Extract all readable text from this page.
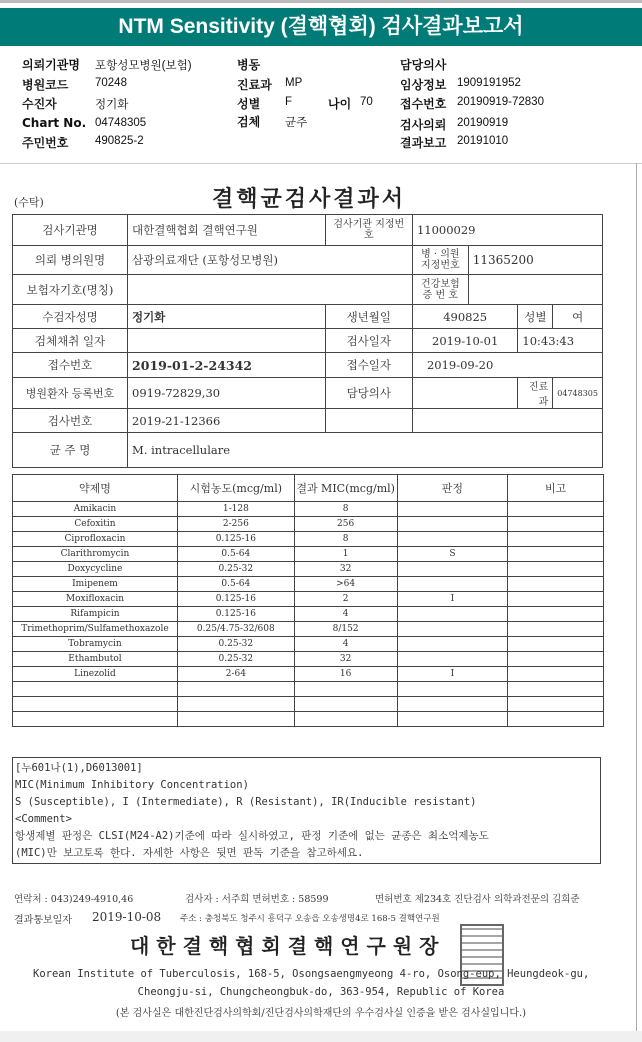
NTM Sensitivity (결핵협회) 검사결과보고서
의뢰기관명 포항성모병원(보험)
병원코드 70248
수진자	정기화
Chart No. 04748305
주민번호 490825-2
병동
진료과 MP
성별 F
검체 균주
나이 70
담당의사
임상정보 1909191952
접수번호 20190919-72830
검사의뢰 20190919
결과보고 20191010
(수탁)	결핵균검사결과서
검사기관명	대한결핵협회 결핵연구원	검사기관 지정번호	11000029			
의뢰 병의원명	삼광의료재단 (포항성모병원)		병 · 의원 지정번호	11365200		
보험자기호(명칭)			건강보험 증 번 호			
수검자성명	정기화	생년월일	490825		성별	여
검체채취 일자		검사일자	2019-10-01		10:43:43	
접수번호	2019-01-2-24342	접수일자	2019-09-20			
병원환자 등록번호	0919-72829,30	담당의사			진료과	04748305
검사번호	2019-21-12366					
균 주 명	M. intracellulare					
약제명	시험농도(mcg/ml)	결과 MIC(mcg/ml)	판정	비고
Amikacin	1-128	8		
Cefoxitin	2-256	256		
Ciprofloxacin	0.125-16	8		
Clarithromycin	0.5-64	1	S	
Doxycycline	0.25-32	32		
Imipenem	0.5-64	>64		
Moxifloxacin	0.125-16	2	I	
Rifampicin	0.125-16	4		
Trimethoprim/Sulfamethoxazole	0.25/4.75-32/608	8/152		
Tobramycin	0.25-32	4		
Ethambutol	0.25-32	32		
Linezolid	2-64	16	I	

[누601나(1),D6013001]
MIC(Minimum Inhibitory Concentration)
S (Susceptible), I (Intermediate), R (Resistant), IR(Inducible resistant)
<Comment>
항생제별 판정은 CLSI(M24-A2)기준에 따라 실시하였고, 판정 기준에 없는 균종은 최소억제농도
(MIC)만 보고토록 한다. 자세한 사항은 뒷면 판독 기준을 참고하세요.
연락처 : 043)249-4910,46	검사자 : 서주희 면허번호 : 58599	면허번호 제234호 진단검사 의학과전문의 김희준
결과통보일자 2019-10-08 주소 : 충청북도 청주시 흥덕구 오송읍 오송생명4로 168-5 결핵연구원
대 한 결 핵 협 회 결 핵 연 구 원 장
Korean Institute of Tuberculosis, 168-5, Osongsaengmyeong 4-ro, Osong-eup, Heungdeok-gu,
Cheongju-si, Chungcheongbuk-do, 363-954, Republic of Korea
(본 검사실은 대한진단검사의학회/진단검사의학재단의 우수검사실 인증을 받은 검사실입니다.)
